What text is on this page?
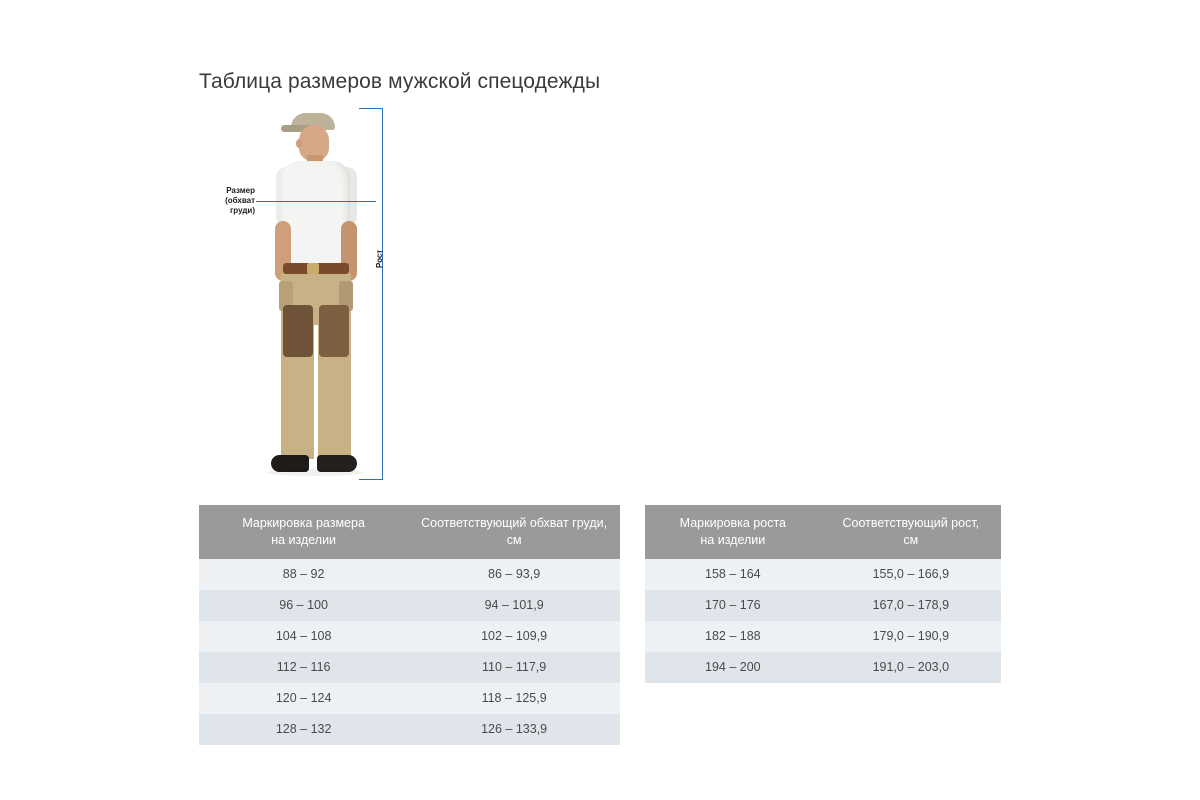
Таблица размеров мужской спецодежды
Размер
(обхват
груди)
Рост
Маркировка размера
на изделии

Соответствующий обхват груди,
см

88 – 92	86 – 93,9
96 – 100	94 – 101,9
104 – 108	102 – 109,9
112 – 116	110 – 117,9
120 – 124	118 – 125,9
128 – 132	126 – 133,9
Маркировка роста
на изделии

Соответствующий рост,
см

158 – 164	155,0 – 166,9
170 – 176	167,0 – 178,9
182 – 188	179,0 – 190,9
194 – 200	191,0 – 203,0
